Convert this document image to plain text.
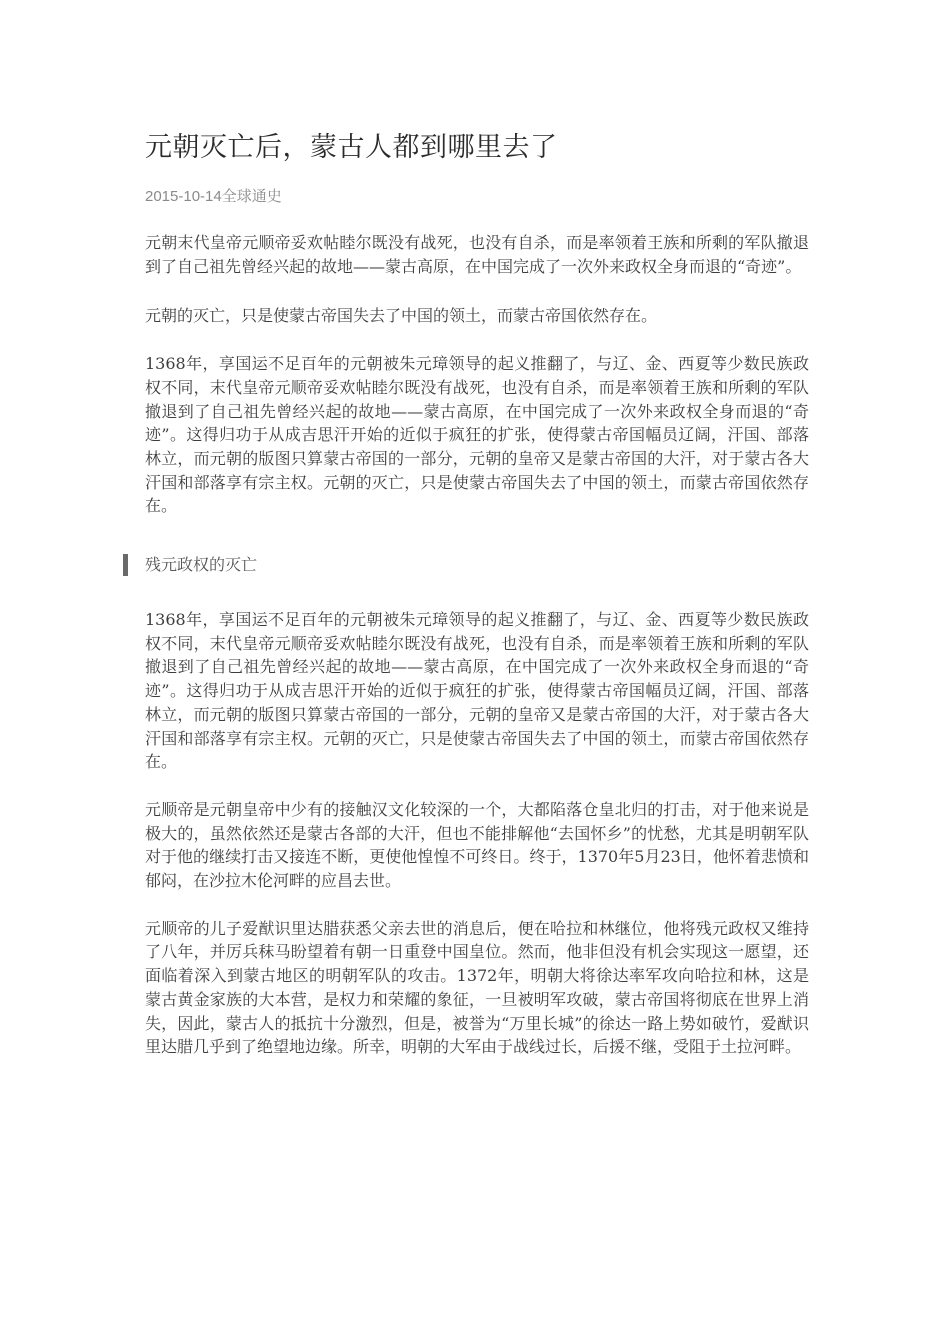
元朝灭亡后，蒙古人都到哪里去了
2015-10-14全球通史

元朝末代皇帝元顺帝妥欢帖睦尔既没有战死，也没有自杀，而是率领着王族和所剩的军队撤退到了自己祖先曾经兴起的故地——蒙古高原，在中国完成了一次外来政权全身而退的“奇迹”。

元朝的灭亡，只是使蒙古帝国失去了中国的领土，而蒙古帝国依然存在。

1368年，享国运不足百年的元朝被朱元璋领导的起义推翻了，与辽、金、西夏等少数民族政权不同，末代皇帝元顺帝妥欢帖睦尔既没有战死，也没有自杀，而是率领着王族和所剩的军队撤退到了自己祖先曾经兴起的故地——蒙古高原，在中国完成了一次外来政权全身而退的“奇迹”。这得归功于从成吉思汗开始的近似于疯狂的扩张，使得蒙古帝国幅员辽阔，汗国、部落林立，而元朝的版图只算蒙古帝国的一部分，元朝的皇帝又是蒙古帝国的大汗，对于蒙古各大汗国和部落享有宗主权。元朝的灭亡，只是使蒙古帝国失去了中国的领土，而蒙古帝国依然存在。

残元政权的灭亡

1368年，享国运不足百年的元朝被朱元璋领导的起义推翻了，与辽、金、西夏等少数民族政权不同，末代皇帝元顺帝妥欢帖睦尔既没有战死，也没有自杀，而是率领着王族和所剩的军队撤退到了自己祖先曾经兴起的故地——蒙古高原，在中国完成了一次外来政权全身而退的“奇迹”。这得归功于从成吉思汗开始的近似于疯狂的扩张，使得蒙古帝国幅员辽阔，汗国、部落林立，而元朝的版图只算蒙古帝国的一部分，元朝的皇帝又是蒙古帝国的大汗，对于蒙古各大汗国和部落享有宗主权。元朝的灭亡，只是使蒙古帝国失去了中国的领土，而蒙古帝国依然存在。

元顺帝是元朝皇帝中少有的接触汉文化较深的一个，大都陷落仓皇北归的打击，对于他来说是极大的，虽然依然还是蒙古各部的大汗，但也不能排解他“去国怀乡”的忧愁，尤其是明朝军队对于他的继续打击又接连不断，更使他惶惶不可终日。终于，1370年5月23日，他怀着悲愤和郁闷，在沙拉木伦河畔的应昌去世。

元顺帝的儿子爱猷识里达腊获悉父亲去世的消息后，便在哈拉和林继位，他将残元政权又维持了八年，并厉兵秣马盼望着有朝一日重登中国皇位。然而，他非但没有机会实现这一愿望，还面临着深入到蒙古地区的明朝军队的攻击。1372年，明朝大将徐达率军攻向哈拉和林，这是蒙古黄金家族的大本营，是权力和荣耀的象征，一旦被明军攻破，蒙古帝国将彻底在世界上消失，因此，蒙古人的抵抗十分激烈，但是，被誉为“万里长城”的徐达一路上势如破竹，爱猷识里达腊几乎到了绝望地边缘。所幸，明朝的大军由于战线过长，后援不继，受阻于土拉河畔。
